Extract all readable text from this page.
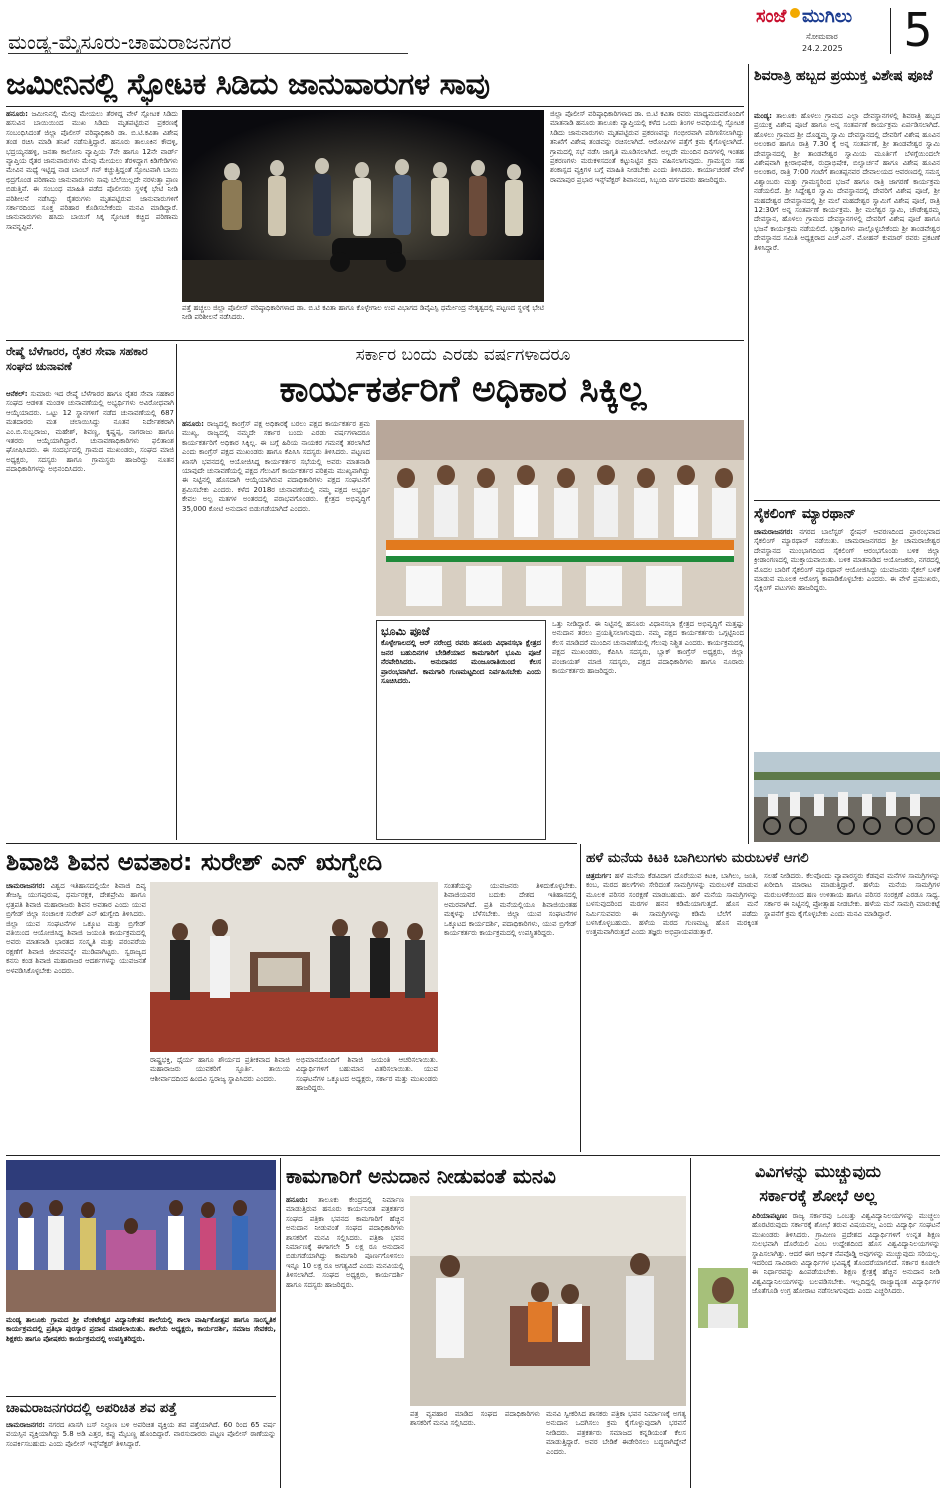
ಮಂಡ್ಯ-ಮೈಸೂರು-ಚಾಮರಾಜನಗರ
ಸಂಜೆ ಮುಗಿಲು
ಸೋಮವಾರ
24.2.2025 5
ಜಮೀನಿನಲ್ಲಿ ಸ್ಫೋಟಕ ಸಿಡಿದು ಜಾನುವಾರುಗಳ ಸಾವು
ಹನೂರು: ಜಮೀನಿನಲ್ಲಿ ಮೇವು ಮೇಯಲು ತೆರಳಿದ್ದ ವೇಳೆ ಸ್ಪೋಟಕ ಸಿಡಿದು ಹಸುವಿನ ಬಾಯಿಯಿಂದ ಮುಖ ಸಿಡಿದು ಮೃತಪಟ್ಟಿರುವ ಪ್ರಕರಣಕ್ಕೆ ಸಂಬಂಧಿಸಿದಂತೆ ಜಿಲ್ಲಾ ಪೊಲೀಸ್ ವರಿಷ್ಠಾಧಿಕಾರಿ ಡಾ. ಬಿ.ಟಿ.ಕವಿತಾ ವಿಶೇಷ ತಂಡ ರಚಿಸಿ ಮಾಡಿ ತನಿಖೆ ನಡೆಸುತ್ತಿದ್ದಾರೆ. ಹನೂರು ತಾಲೂಕಿನ ಕೌದಳ್ಳಿ, ಭದ್ರಯ್ಯನಹಳ್ಳಿ, ಜನತಾ ಕಾಲೋನಿ ವ್ಯಾಪ್ತಿಯ 7ನೇ ಹಾಗೂ 12ನೇ ವಾರ್ಡ್ ವ್ಯಾಪ್ತಿಯ ರೈತರ ಜಾನುವಾರುಗಳು ಮೇವು ಮೇಯಲು ತೆರಳಿದ್ದಾಗ ಕಿಡಿಗೇಡಿಗಳು ಮೇವಿನ ಮಧ್ಯೆ ಇಟ್ಟಿದ್ದ ನಾಡ ಬಾಂಬ್ ಗನ್ ಕಚ್ಚುತ್ತಿದ್ದಂತೆ ಸ್ಫೋಟವಾಗಿ ಬಾಯಿ ಛಿದ್ರಗೊಂಡ ಪರಿಣಾಮ ಜಾನುವಾರುಗಳು ಸಾವು ಬೆಲೆಯಿಲ್ಲದೇ ನರಳುತ್ತಾ ಪ್ರಾಣ ಬಿಡುತ್ತಿವೆ. ಈ ಸಂಬಂಧ ಮಾಹಿತಿ ಪಡೆದ ಪೊಲೀಸರು ಸ್ಥಳಕ್ಕೆ ಭೇಟಿ ನೀಡಿ ಪರಿಶೀಲನೆ ನಡೆಸಿದ್ದು ರೈತರುಗಳು ಮೃತಪಟ್ಟಿರುವ ಜಾನುವಾರುಗಳಿಗೆ ಸರ್ಕಾರದಿಂದ ಸೂಕ್ತ ಪರಿಹಾರ ಕೊಡಿಸಬೇಕೆಂದು ಮನವಿ ಮಾಡಿದ್ದಾರೆ. ಜಾನುವಾರುಗಳು ಹಸಿದು ಬಾಯಿಗೆ ಸಿಕ್ಕ ಸ್ಫೋಟಕ ಕಚ್ಚಿದ ಪರಿಣಾಮ ಸಾವನ್ನಪ್ಪಿವೆ.
ಪತ್ತೆ ಹಚ್ಚಲು ಜಿಲ್ಲಾ ಪೊಲೀಸ್ ವರಿಷ್ಠಾಧಿಕಾರಿಗಳಾದ ಡಾ. ಬಿ.ಟಿ ಕವಿತಾ ಹಾಗೂ ಕೊಳ್ಳೇಗಾಲ ಉಪ ವಿಭಾಗದ ಡಿವೈಎಸ್ಪಿ ಧರ್ಮೇಂದ್ರ ನೇತೃತ್ವದಲ್ಲಿ ಪಟ್ಟಣದ ಸ್ಥಳಕ್ಕೆ ಭೇಟಿ ನೀಡಿ ಪರಿಶೀಲನೆ ನಡೆಸಿದರು.
ಜಿಲ್ಲಾ ಪೊಲೀಸ್ ವರಿಷ್ಠಾಧಿಕಾರಿಗಳಾದ ಡಾ. ಬಿ.ಟಿ ಕವಿತಾ ರವರು ಮಾಧ್ಯಮದವರೊಂದಿಗೆ ಮಾತನಾಡಿ ಹನೂರು ತಾಲೂಕು ವ್ಯಾಪ್ತಿಯಲ್ಲಿ ಕಳೆದ ಒಂದು ತಿಂಗಳ ಅವಧಿಯಲ್ಲಿ ಸ್ಫೋಟಕ ಸಿಡಿದು ಜಾನುವಾರುಗಳು ಮೃತಪಟ್ಟಿರುವ ಪ್ರಕರಣವನ್ನು ಗಂಭೀರವಾಗಿ ಪರಿಗಣಿಸಲಾಗಿದ್ದು ತನಿಖೆಗೆ ವಿಶೇಷ ತಂಡವನ್ನು ರಚಿಸಲಾಗಿದೆ. ಆರೋಪಿಗಳ ಪತ್ತೆಗೆ ಕ್ರಮ ಕೈಗೊಳ್ಳಲಾಗಿದೆ. ಗ್ರಾಮದಲ್ಲಿ ಸಭೆ ನಡೆಸಿ ಜಾಗೃತಿ ಮೂಡಿಸಲಾಗಿದೆ. ಅಲ್ಲದೇ ಮುಂದಿನ ದಿನಗಳಲ್ಲಿ ಇಂತಹ ಪ್ರಕರಣಗಳು ಮರುಕಳಿಸದಂತೆ ಕಟ್ಟುನಿಟ್ಟಿನ ಕ್ರಮ ವಹಿಸಲಾಗುವುದು. ಗ್ರಾಮಸ್ಥರು ಸಹ ಶಂಕಾಸ್ಪದ ವ್ಯಕ್ತಿಗಳ ಬಗ್ಗೆ ಮಾಹಿತಿ ನೀಡಬೇಕು ಎಂದು ತಿಳಿಸಿದರು. ಕಾರ್ಯಾಚರಣೆ ವೇಳೆ ರಾಮಾಪುರ ಪ್ರಭಾರ ಇನ್ಸ್‌ಪೆಕ್ಟರ್ ಶಿವಾನಂದ, ಸಿಬ್ಬಂದಿ ವರ್ಗದವರು ಹಾಜರಿದ್ದರು.
ಶಿವರಾತ್ರಿ ಹಬ್ಬದ ಪ್ರಯುಕ್ತ ವಿಶೇಷ ಪೂಜೆ
ಮಂಡ್ಯ: ತಾಲೂಕು ಹೊಳಲು ಗ್ರಾಮದ ಎಲ್ಲಾ ದೇವಸ್ಥಾನಗಳಲ್ಲಿ ಶಿವರಾತ್ರಿ ಹಬ್ಬದ ಪ್ರಯುಕ್ತ ವಿಶೇಷ ಪೂಜೆ ಹಾಗೂ ಅನ್ನ ಸಂತರ್ಪಣೆ ಕಾರ್ಯಕ್ರಮ ಏರ್ಪಡಿಸಲಾಗಿದೆ. ಹೊಳಲು ಗ್ರಾಮದ ಶ್ರೀ ದೊಡ್ಡಮ್ಮ ಸ್ವಾಮಿ ದೇವಸ್ಥಾನದಲ್ಲಿ ದೇವರಿಗೆ ವಿಶೇಷ ಹೂವಿನ ಅಲಂಕಾರ ಹಾಗೂ ರಾತ್ರಿ 7.30 ಕ್ಕೆ ಅನ್ನ ಸಂತರ್ಪಣೆ, ಶ್ರೀ ತಾಂಡವೇಶ್ವರ ಸ್ವಾಮಿ ದೇವಸ್ಥಾನದಲ್ಲಿ ಶ್ರೀ ತಾಂಡವೇಶ್ವರ ಸ್ವಾಮಿಯ ಮೂರ್ತಿಗೆ ಬೆಳಗ್ಗೆಯಿಂದಲೇ ವಿಶೇಷವಾಗಿ ಕ್ಷೀರಾಭಿಷೇಕ, ರುದ್ರಾಭಿಷೇಕ, ಬಿಲ್ವಾರ್ಚನೆ ಹಾಗೂ ವಿಶೇಷ ಹೂವಿನ ಅಲಂಕಾರ, ರಾತ್ರಿ 7:00 ಗಂಟೆಗೆ ಶಾಂತಪ್ಪನವರ ದೇವಾಲಯದ ಆವರಣದಲ್ಲಿ ಸಮಸ್ತ ವಿಶ್ವಾಂಬರು ಮತ್ತು ಗ್ರಾಮಸ್ಥರಿಂದ ಭಜನೆ ಹಾಗೂ ರಾತ್ರಿ ಜಾಗರಣೆ ಕಾರ್ಯಕ್ರಮ ನಡೆಯಲಿದೆ. ಶ್ರೀ ಸಿದ್ದೇಶ್ವರ ಸ್ವಾಮಿ ದೇವಸ್ಥಾನದಲ್ಲಿ ದೇವರಿಗೆ ವಿಶೇಷ ಪೂಜೆ, ಶ್ರೀ ಮಹದೇಶ್ವರ ದೇವಸ್ಥಾನದಲ್ಲಿ ಶ್ರೀ ಮಲೆ ಮಹದೇಶ್ವರ ಸ್ವಾಮಿಗೆ ವಿಶೇಷ ಪೂಜೆ, ರಾತ್ರಿ 12:30ಗೆ ಅನ್ನ ಸಂತರ್ಪಣೆ ಕಾರ್ಯಕ್ರಮ. ಶ್ರೀ ಮಲೆಶ್ವರ ಸ್ವಾಮಿ, ಚೌಡೇಶ್ವರಮ್ಮ ದೇವಸ್ಥಾನ, ಹೊಳಲು ಗ್ರಾಮದ ದೇವಸ್ಥಾನಗಳಲ್ಲಿ ದೇವರಿಗೆ ವಿಶೇಷ ಪೂಜೆ ಹಾಗೂ ಭಜನೆ ಕಾರ್ಯಕ್ರಮ ನಡೆಯಲಿದೆ. ಭಕ್ತಾದಿಗಳು ಪಾಲ್ಗೊಳ್ಳಬೇಕೆಂದು ಶ್ರೀ ತಾಂಡವೇಶ್ವರ ದೇವಸ್ಥಾನದ ಸಮಿತಿ ಅಧ್ಯಕ್ಷರಾದ ಎಚ್.ಎನ್. ಮೋಹನ್ ಕುಮಾರ್ ರವರು ಪ್ರಕಟಣೆ ತಿಳಿಸಿದ್ದಾರೆ.
ಸೈಕಲಿಂಗ್ ಮ್ಯಾರಥಾನ್
ಚಾಮರಾಜನಗರ: ನಗರದ ಬಾಲೆಸ್ಟರ್ ಸ್ಟೇಷನ್ ಆವರಣದಿಂದ ಪ್ರಾರಂಭವಾದ ಸೈಕಲಿಂಗ್ ಮ್ಯಾರಥಾನ್ ನಡೆಯಿತು. ಚಾಮರಾಜನಗರದ ಶ್ರೀ ಚಾಮರಾಜೇಶ್ವರ ದೇವಸ್ಥಾನದ ಮುಂಭಾಗದಿಂದ ಸೈಕಲಿಂಗ್ ಆರಂಭಗೊಂಡು ಬಳಿಕ ಜಿಲ್ಲಾ ಕ್ರೀಡಾಂಗಣದಲ್ಲಿ ಮುಕ್ತಾಯವಾಯಿತು. ಬಳಿಕ ಮಾತನಾಡಿದ ಆಯೋಜಕರು, ನಗರದಲ್ಲಿ ಮೊದಲ ಬಾರಿಗೆ ಸೈಕಲಿಂಗ್ ಮ್ಯಾರಥಾನ್ ಆಯೋಜಿಸಿದ್ದು ಯುವಜನರು ಸೈಕಲ್ ಬಳಕೆ ಮಾಡುವ ಮೂಲಕ ಆರೋಗ್ಯ ಕಾಪಾಡಿಕೊಳ್ಳಬೇಕು ಎಂದರು. ಈ ವೇಳೆ ಪ್ರಮುಖರು, ಸೈಕ್ಲಿಂಗ್ ಪಟುಗಳು ಹಾಜರಿದ್ದರು.
ರೇಷ್ಮೆ ಬೆಳೆಗಾರರ, ರೈತರ ಸೇವಾ ಸಹಕಾರ ಸಂಘದ ಚುನಾವಣೆ
ಆನೆಕಲ್: ಸುಮಾರು ಇದ ರೇಷ್ಮೆ ಬೆಳೆಗಾರರ ಹಾಗೂ ರೈತರ ಸೇವಾ ಸಹಕಾರ ಸಂಘದ ಆಡಳಿತ ಮಂಡಳಿ ಚುನಾವಣೆಯಲ್ಲಿ ಅಭ್ಯರ್ಥಿಗಳು ಅವಿರೋಧವಾಗಿ ಆಯ್ಕೆಯಾದರು. ಒಟ್ಟು 12 ಸ್ಥಾನಗಳಿಗೆ ನಡೆದ ಚುನಾವಣೆಯಲ್ಲಿ 687 ಮತದಾರರು ಮತ ಚಲಾಯಿಸಿದ್ದು ನೂತನ ನಿರ್ದೇಶಕರಾಗಿ ಎಂ.ಬಿ.ಸುಬ್ಬರಾಜು, ಮಹೇಶ್, ಶಿವಣ್ಣ, ಕೃಷ್ಣಪ್ಪ, ನಾಗರಾಜು ಹಾಗೂ ಇತರರು ಆಯ್ಕೆಯಾಗಿದ್ದಾರೆ. ಚುನಾವಣಾಧಿಕಾರಿಗಳು ಫಲಿತಾಂಶ ಘೋಷಿಸಿದರು. ಈ ಸಂದರ್ಭದಲ್ಲಿ ಗ್ರಾಮದ ಮುಖಂಡರು, ಸಂಘದ ಮಾಜಿ ಅಧ್ಯಕ್ಷರು, ಸದಸ್ಯರು ಹಾಗೂ ಗ್ರಾಮಸ್ಥರು ಹಾಜರಿದ್ದು ನೂತನ ಪದಾಧಿಕಾರಿಗಳನ್ನು ಅಭಿನಂದಿಸಿದರು.
ಸರ್ಕಾರ ಬಂದು ಎರಡು ವರ್ಷಗಳಾದರೂ
ಕಾರ್ಯಕರ್ತರಿಗೆ ಅಧಿಕಾರ ಸಿಕ್ಕಿಲ್ಲ
ಹನೂರು: ರಾಜ್ಯದಲ್ಲಿ ಕಾಂಗ್ರೆಸ್ ಪಕ್ಷ ಅಧಿಕಾರಕ್ಕೆ ಬರಲು ಪಕ್ಷದ ಕಾರ್ಯಕರ್ತರ ಶ್ರಮ ಮುಖ್ಯ, ರಾಜ್ಯದಲ್ಲಿ ನಮ್ಮದೇ ಸರ್ಕಾರ ಬಂದು ಎರಡು ವರ್ಷಗಳಾದರೂ ಕಾರ್ಯಕರ್ತರಿಗೆ ಅಧಿಕಾರ ಸಿಕ್ಕಿಲ್ಲ. ಈ ಬಗ್ಗೆ ಹಿರಿಯ ನಾಯಕರ ಗಮನಕ್ಕೆ ತರಲಾಗಿದೆ ಎಂದು ಕಾಂಗ್ರೆಸ್ ಪಕ್ಷದ ಮುಖಂಡರು ಹಾಗೂ ಕೆಪಿಸಿಸಿ ಸದಸ್ಯರು ತಿಳಿಸಿದರು. ಪಟ್ಟಣದ ಖಾಸಗಿ ಭವನದಲ್ಲಿ ಆಯೋಜಿಸಿದ್ದ ಕಾರ್ಯಕರ್ತರ ಸಭೆಯಲ್ಲಿ ಅವರು ಮಾತನಾಡಿ ಯಾವುದೇ ಚುನಾವಣೆಯಲ್ಲಿ ಪಕ್ಷದ ಗೆಲುವಿಗೆ ಕಾರ್ಯಕರ್ತರ ಪರಿಶ್ರಮ ಮುಖ್ಯವಾಗಿದ್ದು ಈ ನಿಟ್ಟಿನಲ್ಲಿ ಹೊಸದಾಗಿ ಆಯ್ಕೆಯಾಗಿರುವ ಪದಾಧಿಕಾರಿಗಳು ಪಕ್ಷದ ಸಂಘಟನೆಗೆ ಶ್ರಮಿಸಬೇಕು ಎಂದರು. ಕಳೆದ 2018ರ ಚುನಾವಣೆಯಲ್ಲಿ ನಮ್ಮ ಪಕ್ಷದ ಅಭ್ಯರ್ಥಿ ಕೇವಲ ಅಲ್ಪ ಮತಗಳ ಅಂತರದಲ್ಲಿ ಪರಾಭವಗೊಂಡರು. ಕ್ಷೇತ್ರದ ಅಭಿವೃದ್ಧಿಗೆ 35,000 ಕೋಟಿ ಅನುದಾನ ಬಿಡುಗಡೆಯಾಗಿದೆ ಎಂದರು.
ಭೂಮಿ ಪೂಜೆ
ಕೊಳ್ಳೇಗಾಲದಲ್ಲಿ ಆರ್ ನರೇಂದ್ರ ರವರು ಹನೂರು ವಿಧಾನಸಭಾ ಕ್ಷೇತ್ರದ ಜನರ ಬಹುದಿನಗಳ ಬೇಡಿಕೆಯಾದ ಕಾಮಗಾರಿಗೆ ಭೂಮಿ ಪೂಜೆ ನೆರವೇರಿಸಿದರು. ಅನುದಾನದ ಮಂಜೂರಾತಿಯಿಂದ ಕೆಲಸ ಪ್ರಾರಂಭವಾಗಿದೆ. ಕಾಮಗಾರಿ ಗುಣಮಟ್ಟದಿಂದ ನಿರ್ವಹಿಸಬೇಕು ಎಂದು ಸೂಚಿಸಿದರು.
ಒತ್ತು ನೀಡಿದ್ದಾರೆ. ಈ ನಿಟ್ಟಿನಲ್ಲಿ ಹನೂರು ವಿಧಾನಸಭಾ ಕ್ಷೇತ್ರದ ಅಭಿವೃದ್ಧಿಗೆ ಮತ್ತಷ್ಟು ಅನುದಾನ ತರಲು ಪ್ರಯತ್ನಿಸಲಾಗುವುದು. ನಮ್ಮ ಪಕ್ಷದ ಕಾರ್ಯಕರ್ತರು ಒಗ್ಗಟ್ಟಿನಿಂದ ಕೆಲಸ ಮಾಡಿದರೆ ಮುಂದಿನ ಚುನಾವಣೆಯಲ್ಲಿ ಗೆಲುವು ನಿಶ್ಚಿತ ಎಂದರು. ಕಾರ್ಯಕ್ರಮದಲ್ಲಿ ಪಕ್ಷದ ಮುಖಂಡರು, ಕೆಪಿಸಿಸಿ ಸದಸ್ಯರು, ಬ್ಲಾಕ್ ಕಾಂಗ್ರೆಸ್ ಅಧ್ಯಕ್ಷರು, ಜಿಲ್ಲಾ ಪಂಚಾಯತ್ ಮಾಜಿ ಸದಸ್ಯರು, ಪಕ್ಷದ ಪದಾಧಿಕಾರಿಗಳು ಹಾಗೂ ನೂರಾರು ಕಾರ್ಯಕರ್ತರು ಹಾಜರಿದ್ದರು.
ಶಿವಾಜಿ ಶಿವನ ಅವತಾರ: ಸುರೇಶ್ ಎನ್ ಋಗ್ವೇದಿ
ಚಾಮರಾಜನಗರ: ವಿಶ್ವದ ಇತಿಹಾಸದಲ್ಲಿಯೇ ಶಿವಾಜಿ ದಿವ್ಯ ತೇಜಸ್ವಿ ಯುಗಪುರುಷ, ಧರ್ಮರಕ್ಷಕ, ದೇಶಪ್ರೇಮಿ ಹಾಗೂ ಛತ್ರಪತಿ ಶಿವಾಜಿ ಮಹಾರಾಜರು ಶಿವನ ಅವತಾರ ಎಂದು ಯುವ ಬ್ರಿಗೇಡ್ ಜಿಲ್ಲಾ ಸಂಚಾಲಕ ಸುರೇಶ್ ಎನ್ ಋಗ್ವೇದಿ ತಿಳಿಸಿದರು. ಜಿಲ್ಲಾ ಯುವ ಸಂಘಟನೆಗಳ ಒಕ್ಕೂಟ ಮತ್ತು ಬ್ರಿಗೇಡ್ ವತಿಯಿಂದ ಆಯೋಜಿಸಿದ್ದ ಶಿವಾಜಿ ಜಯಂತಿ ಕಾರ್ಯಕ್ರಮದಲ್ಲಿ ಅವರು ಮಾತನಾಡಿ ಭಾರತದ ಸಂಸ್ಕೃತಿ ಮತ್ತು ಪರಂಪರೆಯ ರಕ್ಷಣೆಗೆ ಶಿವಾಜಿ ಜೀವನವನ್ನೇ ಮುಡಿಪಾಗಿಟ್ಟರು. ಸ್ವರಾಜ್ಯದ ಕನಸು ಕಂಡ ಶಿವಾಜಿ ಮಹಾರಾಜರ ಆದರ್ಶಗಳನ್ನು ಯುವಜನತೆ ಅಳವಡಿಸಿಕೊಳ್ಳಬೇಕು ಎಂದರು.
ರಾಷ್ಟ್ರಭಕ್ತಿ, ಧೈರ್ಯ ಹಾಗೂ ಶೌರ್ಯದ ಪ್ರತೀಕವಾದ ಶಿವಾಜಿ ಮಹಾರಾಜರು ಯುವಕರಿಗೆ ಸ್ಫೂರ್ತಿ. ತಾಯಿಯ ಆಶೀರ್ವಾದದಿಂದ ಹಿಂದವಿ ಸ್ವರಾಜ್ಯ ಸ್ಥಾಪಿಸಿದರು ಎಂದರು.
ಅಭಿಮಾನದೊಂದಿಗೆ ಶಿವಾಜಿ ಜಯಂತಿ ಆಚರಿಸಲಾಯಿತು. ವಿದ್ಯಾರ್ಥಿಗಳಿಗೆ ಬಹುಮಾನ ವಿತರಿಸಲಾಯಿತು. ಯುವ ಸಂಘಟನೆಗಳ ಒಕ್ಕೂಟದ ಅಧ್ಯಕ್ಷರು, ಸರ್ಕಾರ ಮತ್ತು ಮುಖಂಡರು ಹಾಜರಿದ್ದರು.
ಸಂತತೆಯನ್ನು ಯುವಜನರು ತಿಳಿದುಕೊಳ್ಳಬೇಕು. ಶಿವಾಜಿಯವರ ಬದುಕು ದೇಶದ ಇತಿಹಾಸದಲ್ಲಿ ಅಮರವಾಗಿದೆ. ಪ್ರತಿ ಮನೆಯಲ್ಲಿಯೂ ಶಿವಾಜಿಯಂತಹ ಮಕ್ಕಳನ್ನು ಬೆಳೆಸಬೇಕು. ಜಿಲ್ಲಾ ಯುವ ಸಂಘಟನೆಗಳ ಒಕ್ಕೂಟದ ಕಾರ್ಯದರ್ಶಿ, ಪದಾಧಿಕಾರಿಗಳು, ಯುವ ಬ್ರಿಗೇಡ್ ಕಾರ್ಯಕರ್ತರು ಕಾರ್ಯಕ್ರಮದಲ್ಲಿ ಉಪಸ್ಥಿತರಿದ್ದರು.
ಹಳೆ ಮನೆಯ ಕಿಟಕಿ ಬಾಗಿಲುಗಳು ಮರುಬಳಕೆ ಆಗಲಿ
ಚಿತ್ರದುರ್ಗ: ಹಳೆ ಮನೆಯ ಕೆಡವಿದಾಗ ದೊರೆಯುವ ಕಿಟಕಿ, ಬಾಗಿಲು, ಜಂತಿ, ಕಂಬ, ಮರದ ಹಲಗೆಗಳು ಸೇರಿದಂತೆ ಸಾಮಗ್ರಿಗಳನ್ನು ಮರುಬಳಕೆ ಮಾಡುವ ಮೂಲಕ ಪರಿಸರ ಸಂರಕ್ಷಣೆ ಮಾಡಬಹುದು. ಹಳೆ ಮನೆಯ ಸಾಮಗ್ರಿಗಳನ್ನು ಬಳಸುವುದರಿಂದ ಮರಗಳ ಹನನ ಕಡಿಮೆಯಾಗುತ್ತದೆ. ಹೊಸ ಮನೆ ನಿರ್ಮಿಸುವವರು ಈ ಸಾಮಗ್ರಿಗಳನ್ನು ಕಡಿಮೆ ಬೆಲೆಗೆ ಪಡೆದು ಬಳಸಿಕೊಳ್ಳಬಹುದು. ಹಳೆಯ ಮರದ ಗುಣಮಟ್ಟ ಹೊಸ ಮರಕ್ಕಿಂತ ಉತ್ತಮವಾಗಿರುತ್ತದೆ ಎಂದು ತಜ್ಞರು ಅಭಿಪ್ರಾಯಪಡುತ್ತಾರೆ.
ಸಲಹೆ ನೀಡಿದರು. ಕೆಲವೊಂದು ವ್ಯಾಪಾರಸ್ಥರು ಕೆಡವುವ ಮನೆಗಳ ಸಾಮಗ್ರಿಗಳನ್ನು ಖರೀದಿಸಿ ಮಾರಾಟ ಮಾಡುತ್ತಿದ್ದಾರೆ. ಹಳೆಯ ಮನೆಯ ಸಾಮಗ್ರಿಗಳ ಮರುಬಳಕೆಯಿಂದ ಹಣ ಉಳಿತಾಯ ಹಾಗೂ ಪರಿಸರ ಸಂರಕ್ಷಣೆ ಎರಡೂ ಸಾಧ್ಯ. ಸರ್ಕಾರ ಈ ನಿಟ್ಟಿನಲ್ಲಿ ಪ್ರೋತ್ಸಾಹ ನೀಡಬೇಕು. ಹಳೆಯ ಮನೆ ಸಾಮಗ್ರಿ ಮಾರುಕಟ್ಟೆ ಸ್ಥಾಪನೆಗೆ ಕ್ರಮ ಕೈಗೊಳ್ಳಬೇಕು ಎಂದು ಮನವಿ ಮಾಡಿದ್ದಾರೆ.
ಮಂಡ್ಯ ತಾಲೂಕು ಗ್ರಾಮದ ಶ್ರೀ ವೆಂಕಟೇಶ್ವರ ವಿದ್ಯಾನಿಕೇತನ ಶಾಲೆಯಲ್ಲಿ ಶಾಲಾ ವಾರ್ಷಿಕೋತ್ಸವ ಹಾಗೂ ಸಾಂಸ್ಕೃತಿಕ ಕಾರ್ಯಕ್ರಮದಲ್ಲಿ ಪ್ರತಿಭಾ ಪುರಸ್ಕಾರ ಪ್ರದಾನ ಮಾಡಲಾಯಿತು. ಶಾಲೆಯ ಅಧ್ಯಕ್ಷರು, ಕಾರ್ಯದರ್ಶಿ, ಸಮಾಜ ಸೇವಕರು, ಶಿಕ್ಷಕರು ಹಾಗೂ ಪೋಷಕರು ಕಾರ್ಯಕ್ರಮದಲ್ಲಿ ಉಪಸ್ಥಿತರಿದ್ದರು.
ಚಾಮರಾಜನಗರದಲ್ಲಿ ಅಪರಿಚಿತ ಶವ ಪತ್ತೆ
ಚಾಮರಾಜನಗರ: ನಗರದ ಖಾಸಗಿ ಬಸ್ ನಿಲ್ದಾಣ ಬಳಿ ಅಪರಿಚಿತ ವ್ಯಕ್ತಿಯ ಶವ ಪತ್ತೆಯಾಗಿದೆ. 60 ರಿಂದ 65 ವರ್ಷ ವಯಸ್ಸಿನ ವ್ಯಕ್ತಿಯಾಗಿದ್ದು 5.8 ಅಡಿ ಎತ್ತರ, ಕಪ್ಪು ಮೈಬಣ್ಣ ಹೊಂದಿದ್ದಾರೆ. ವಾರಸುದಾರರು ಪಟ್ಟಣ ಪೊಲೀಸ್ ಠಾಣೆಯನ್ನು ಸಂಪರ್ಕಿಸಬಹುದು ಎಂದು ಪೊಲೀಸ್ ಇನ್ಸ್‌ಪೆಕ್ಟರ್ ತಿಳಿಸಿದ್ದಾರೆ.
ಕಾಮಗಾರಿಗೆ ಅನುದಾನ ನೀಡುವಂತೆ ಮನವಿ
ಹನೂರು: ತಾಲೂಕು ಕೇಂದ್ರದಲ್ಲಿ ನಿರ್ಮಾಣ ಮಾಡುತ್ತಿರುವ ಹನೂರು ಕಾರ್ಯನಿರತ ಪತ್ರಕರ್ತರ ಸಂಘದ ಪತ್ರಿಕಾ ಭವನದ ಕಾಮಗಾರಿಗೆ ಹೆಚ್ಚಿನ ಅನುದಾನ ನೀಡುವಂತೆ ಸಂಘದ ಪದಾಧಿಕಾರಿಗಳು ಶಾಸಕರಿಗೆ ಮನವಿ ಸಲ್ಲಿಸಿದರು. ಪತ್ರಿಕಾ ಭವನ ನಿರ್ಮಾಣಕ್ಕೆ ಈಗಾಗಲೇ 5 ಲಕ್ಷ ರೂ ಅನುದಾನ ಬಿಡುಗಡೆಯಾಗಿದ್ದು ಕಾಮಗಾರಿ ಪೂರ್ಣಗೊಳಿಸಲು ಇನ್ನೂ 10 ಲಕ್ಷ ರೂ ಅಗತ್ಯವಿದೆ ಎಂದು ಮನವಿಯಲ್ಲಿ ತಿಳಿಸಲಾಗಿದೆ. ಸಂಘದ ಅಧ್ಯಕ್ಷರು, ಕಾರ್ಯದರ್ಶಿ ಹಾಗೂ ಸದಸ್ಯರು ಹಾಜರಿದ್ದರು.
ಪತ್ರ ವ್ಯವಹಾರ ಮಾಡಿದ ಸಂಘದ ಪದಾಧಿಕಾರಿಗಳು ಶಾಸಕರಿಗೆ ಮನವಿ ಸಲ್ಲಿಸಿದರು.
ಮನವಿ ಸ್ವೀಕರಿಸಿದ ಶಾಸಕರು ಪತ್ರಿಕಾ ಭವನ ನಿರ್ಮಾಣಕ್ಕೆ ಅಗತ್ಯ ಅನುದಾನ ಒದಗಿಸಲು ಕ್ರಮ ಕೈಗೊಳ್ಳುವುದಾಗಿ ಭರವಸೆ ನೀಡಿದರು. ಪತ್ರಕರ್ತರು ಸಮಾಜದ ಕನ್ನಡಿಯಂತೆ ಕೆಲಸ ಮಾಡುತ್ತಿದ್ದಾರೆ. ಅವರ ಬೇಡಿಕೆ ಈಡೇರಿಸಲು ಬದ್ಧರಾಗಿದ್ದೇವೆ ಎಂದರು.
ವಿವಿಗಳನ್ನು ಮುಚ್ಚುವುದು
ಸರ್ಕಾರಕ್ಕೆ ಶೋಭೆ ಅಲ್ಲ
ಪಿರಿಯಾಪಟ್ಟಣ: ರಾಜ್ಯ ಸರ್ಕಾರವು ಒಂಬತ್ತು ವಿಶ್ವವಿದ್ಯಾನಿಲಯಗಳನ್ನು ಮುಚ್ಚಲು ಹೊರಟಿರುವುದು ಸರ್ಕಾರಕ್ಕೆ ಶೋಭೆ ತರುವ ವಿಷಯವಲ್ಲ ಎಂದು ವಿದ್ಯಾರ್ಥಿ ಸಂಘಟನೆ ಮುಖಂಡರು ತಿಳಿಸಿದರು. ಗ್ರಾಮೀಣ ಪ್ರದೇಶದ ವಿದ್ಯಾರ್ಥಿಗಳಿಗೆ ಉನ್ನತ ಶಿಕ್ಷಣ ಸುಲಭವಾಗಿ ದೊರೆಯಲಿ ಎಂಬ ಉದ್ದೇಶದಿಂದ ಹೊಸ ವಿಶ್ವವಿದ್ಯಾನಿಲಯಗಳನ್ನು ಸ್ಥಾಪಿಸಲಾಗಿತ್ತು. ಆದರೆ ಈಗ ಆರ್ಥಿಕ ನೆಪವೊಡ್ಡಿ ಅವುಗಳನ್ನು ಮುಚ್ಚುವುದು ಸರಿಯಲ್ಲ. ಇದರಿಂದ ಸಾವಿರಾರು ವಿದ್ಯಾರ್ಥಿಗಳ ಭವಿಷ್ಯಕ್ಕೆ ತೊಂದರೆಯಾಗಲಿದೆ. ಸರ್ಕಾರ ಕೂಡಲೇ ಈ ನಿರ್ಧಾರವನ್ನು ಹಿಂಪಡೆಯಬೇಕು. ಶಿಕ್ಷಣ ಕ್ಷೇತ್ರಕ್ಕೆ ಹೆಚ್ಚಿನ ಅನುದಾನ ನೀಡಿ ವಿಶ್ವವಿದ್ಯಾನಿಲಯಗಳನ್ನು ಬಲಪಡಿಸಬೇಕು. ಇಲ್ಲದಿದ್ದಲ್ಲಿ ರಾಜ್ಯಾದ್ಯಂತ ವಿದ್ಯಾರ್ಥಿಗಳ ಜೊತೆಗೂಡಿ ಉಗ್ರ ಹೋರಾಟ ನಡೆಸಲಾಗುವುದು ಎಂದು ಎಚ್ಚರಿಸಿದರು.
